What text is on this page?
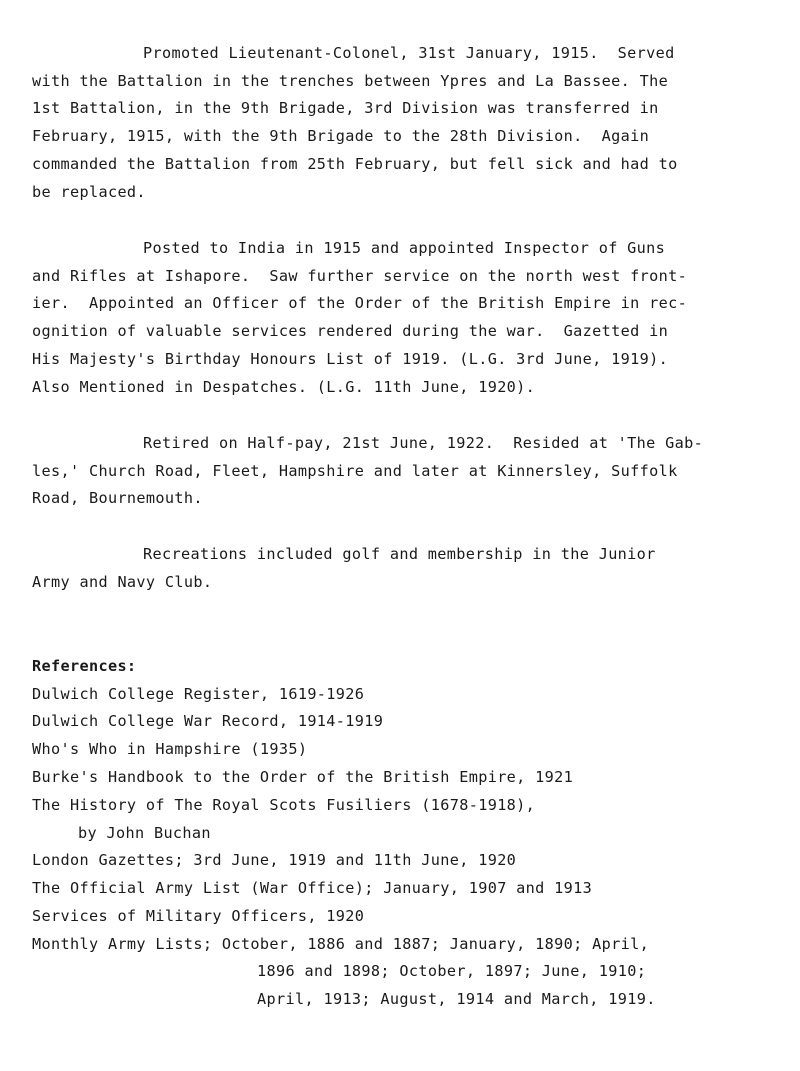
Promoted Lieutenant-Colonel, 31st January, 1915.  Served
with the Battalion in the trenches between Ypres and La Bassee. The
1st Battalion, in the 9th Brigade, 3rd Division was transferred in
February, 1915, with the 9th Brigade to the 28th Division.  Again
commanded the Battalion from 25th February, but fell sick and had to
be replaced.
Posted to India in 1915 and appointed Inspector of Guns
and Rifles at Ishapore.  Saw further service on the north west front-
ier.  Appointed an Officer of the Order of the British Empire in rec-
ognition of valuable services rendered during the war.  Gazetted in
His Majesty's Birthday Honours List of 1919. (L.G. 3rd June, 1919).
Also Mentioned in Despatches. (L.G. 11th June, 1920).
Retired on Half-pay, 21st June, 1922.  Resided at 'The Gab-
les,' Church Road, Fleet, Hampshire and later at Kinnersley, Suffolk
Road, Bournemouth.
Recreations included golf and membership in the Junior
Army and Navy Club.
References:
Dulwich College Register, 1619-1926
Dulwich College War Record, 1914-1919
Who's Who in Hampshire (1935)
Burke's Handbook to the Order of the British Empire, 1921
The History of The Royal Scots Fusiliers (1678-1918),
by John Buchan
London Gazettes; 3rd June, 1919 and 11th June, 1920
The Official Army List (War Office); January, 1907 and 1913
Services of Military Officers, 1920
Monthly Army Lists; October, 1886 and 1887; January, 1890; April,
1896 and 1898; October, 1897; June, 1910;
April, 1913; August, 1914 and March, 1919.
